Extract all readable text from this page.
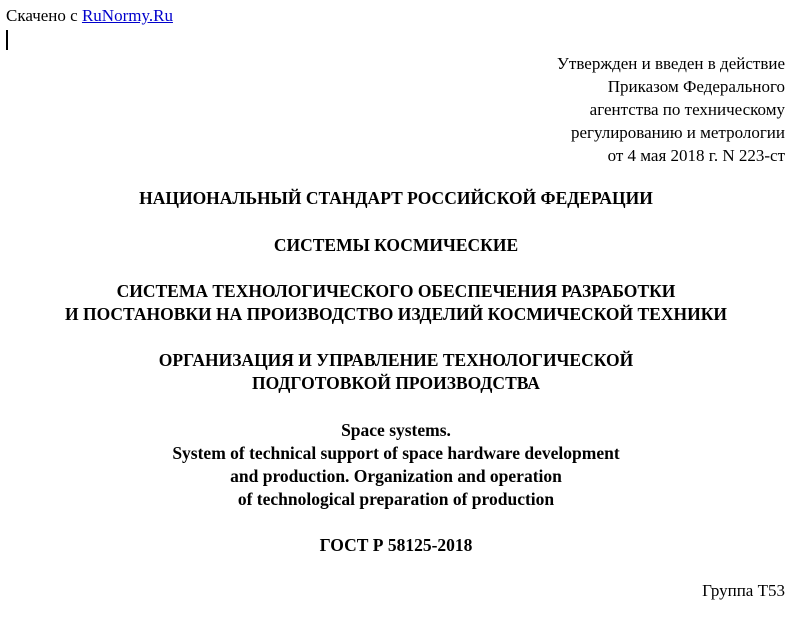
Скачено с RuNormy.Ru
Утвержден и введен в действие
Приказом Федерального
агентства по техническому
регулированию и метрологии
от 4 мая 2018 г. N 223-ст
НАЦИОНАЛЬНЫЙ СТАНДАРТ РОССИЙСКОЙ ФЕДЕРАЦИИ
СИСТЕМЫ КОСМИЧЕСКИЕ
СИСТЕМА ТЕХНОЛОГИЧЕСКОГО ОБЕСПЕЧЕНИЯ РАЗРАБОТКИ
И ПОСТАНОВКИ НА ПРОИЗВОДСТВО ИЗДЕЛИЙ КОСМИЧЕСКОЙ ТЕХНИКИ
ОРГАНИЗАЦИЯ И УПРАВЛЕНИЕ ТЕХНОЛОГИЧЕСКОЙ
ПОДГОТОВКОЙ ПРОИЗВОДСТВА
Space systems.
System of technical support of space hardware development
and production. Organization and operation
of technological preparation of production
ГОСТ Р 58125-2018
Группа Т53
